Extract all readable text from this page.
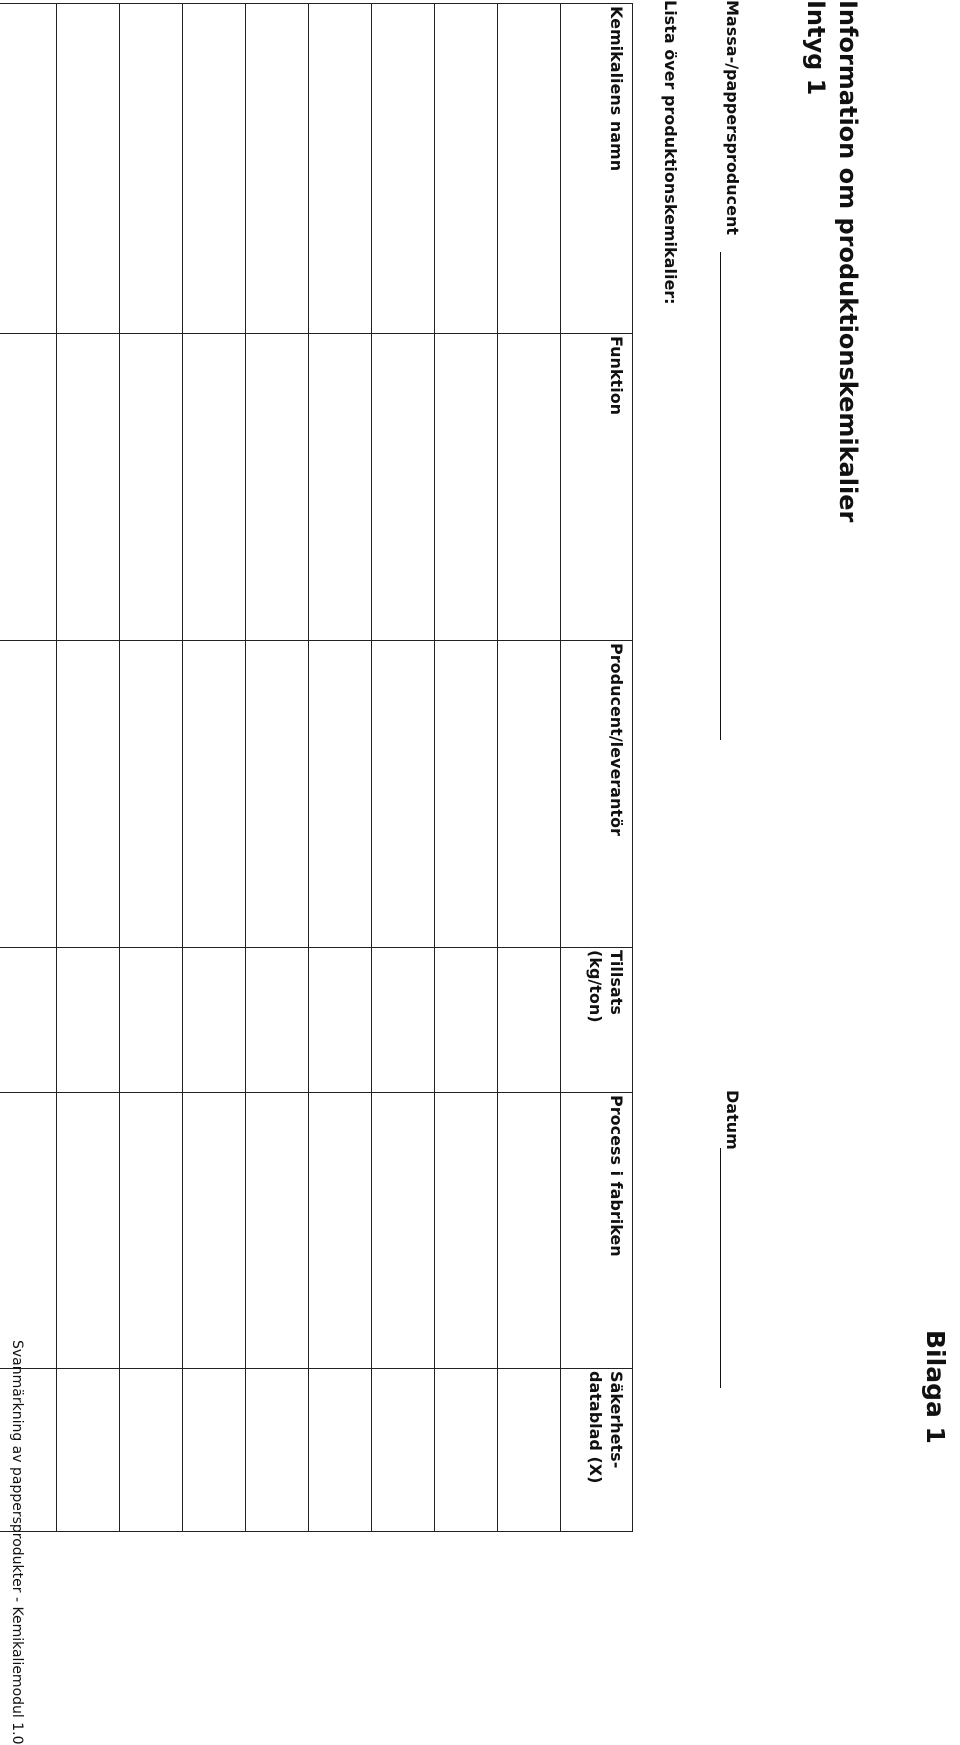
Bilaga 1
Information om produktionskemikalier
Intyg 1
Massa-/pappersproducent
Datum
Lista över produktionskemikalier:
Kemikaliens namn	Funktion	Producent/leverantör	Tillsats (kg/ton)	Process i fabriken	Säkerhets-datablad (X)

Svanmärkning av pappersprodukter - Kemikaliemodul 1.0
